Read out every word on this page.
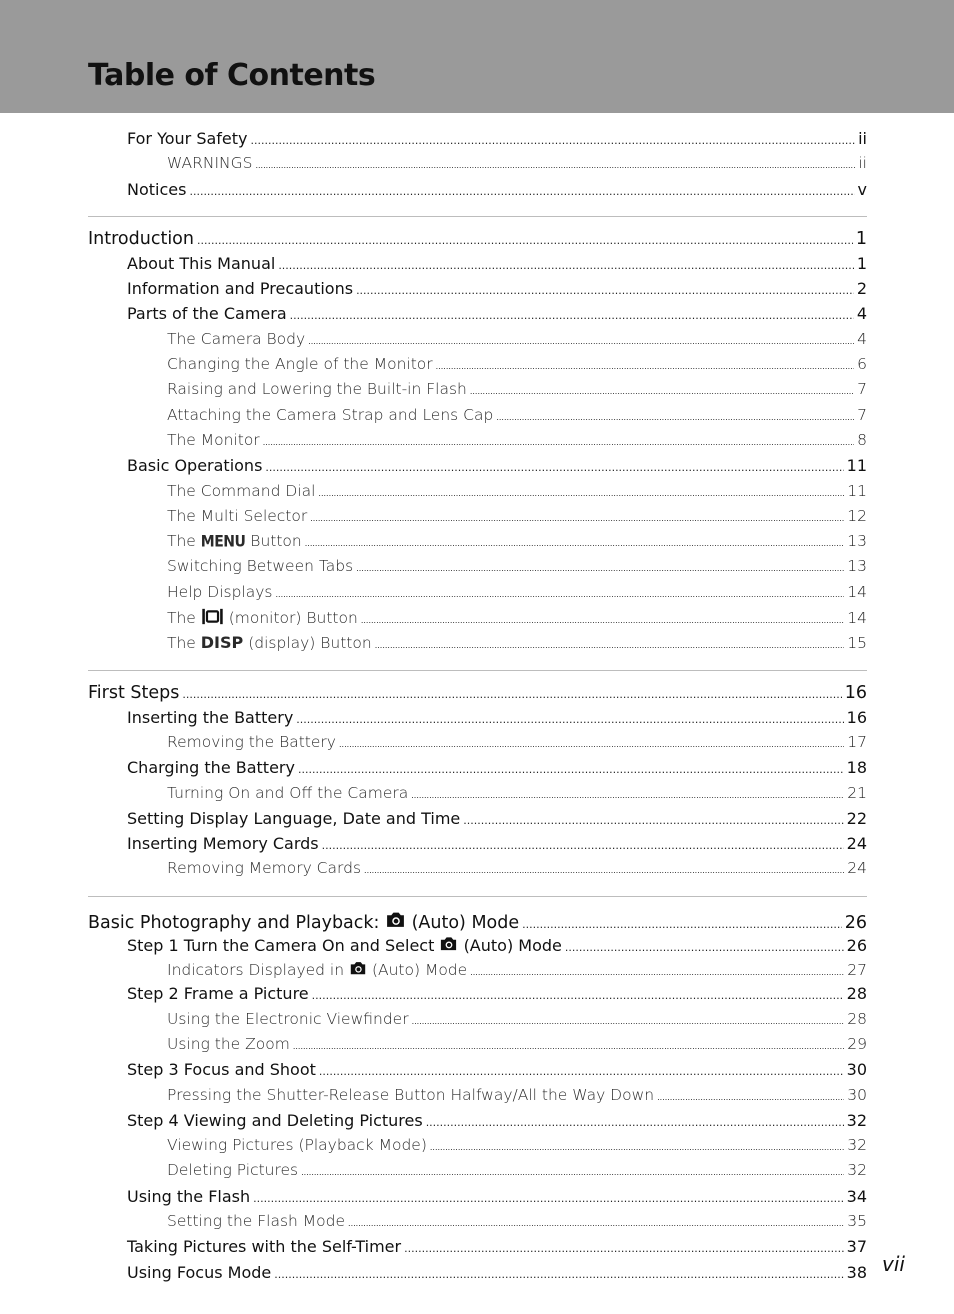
Table of Contents
For Your Safety .....	ii
WARNINGS .....	ii
Notices .....	v
Introduction .....	1
About This Manual .....	1
Information and Precautions .....	2
Parts of the Camera .....	4
The Camera Body .....	4
Changing the Angle of the Monitor .....	6
Raising and Lowering the Built-in Flash .....	7
Attaching the Camera Strap and Lens Cap .....	7
The Monitor .....	8
Basic Operations .....	11
The Command Dial .....	11
The Multi Selector .....	12
The MENU Button .....	13
Switching Between Tabs .....	13
Help Displays .....	14
The (monitor) Button .....	14
The DISP (display) Button .....	15
First Steps .....	16
Inserting the Battery .....	16
Removing the Battery .....	17
Charging the Battery .....	18
Turning On and Off the Camera .....	21
Setting Display Language, Date and Time .....	22
Inserting Memory Cards .....	24
Removing Memory Cards .....	24
Basic Photography and Playback: (Auto) Mode .....	26
Step 1 Turn the Camera On and Select (Auto) Mode .....	26
Indicators Displayed in (Auto) Mode .....	27
Step 2 Frame a Picture .....	28
Using the Electronic Viewfinder .....	28
Using the Zoom .....	29
Step 3 Focus and Shoot .....	30
Pressing the Shutter-Release Button Halfway/All the Way Down .....	30
Step 4 Viewing and Deleting Pictures .....	32
Viewing Pictures (Playback Mode) .....	32
Deleting Pictures .....	32
Using the Flash .....	34
Setting the Flash Mode .....	35
Taking Pictures with the Self-Timer .....	37
Using Focus Mode .....	38 vii
